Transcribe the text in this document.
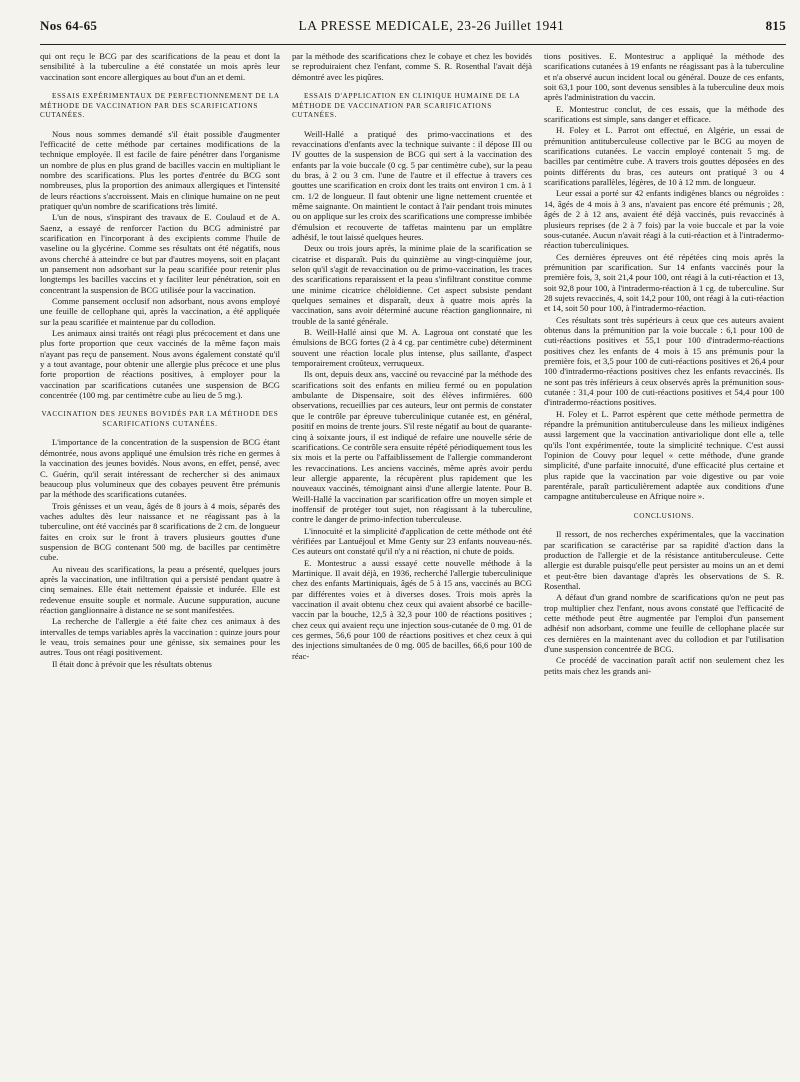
Nos 64-65	LA PRESSE MEDICALE, 23-26 Juillet 1941	815

qui ont reçu le BCG par des scarifications de la peau et dont la sensibilité à la tuberculine a été constatée un mois après leur vaccination sont encore allergiques au bout d'un an et demi.

ESSAIS EXPÉRIMENTAUX DE PERFECTIONNEMENT DE LA MÉTHODE DE VACCINATION PAR DES SCARIFICATIONS CUTANÉES.

Nous nous sommes demandé s'il était possible d'augmenter l'efficacité de cette méthode par certaines modifications de la technique employée. Il est facile de faire pénétrer dans l'organisme un nombre de plus en plus grand de bacilles vaccin en multipliant le nombre des scarifications. Plus les portes d'entrée du BCG sont nombreuses, plus la proportion des animaux allergiques et l'intensité de leurs réactions s'accroissent. Mais en clinique humaine on ne peut pratiquer qu'un nombre de scarifications très limité.

L'un de nous, s'inspirant des travaux de E. Coulaud et de A. Saenz, a essayé de renforcer l'action du BCG administré par scarification en l'incorporant à des excipients comme l'huile de vaseline ou la glycérine. Comme ses résultats ont été négatifs, nous avons cherché à atteindre ce but par d'autres moyens, soit en plaçant un pansement non adsorbant sur la peau scarifiée pour retenir plus longtemps les bacilles vaccins et y faciliter leur pénétration, soit en concentrant la suspension de BCG utilisée pour la vaccination.

Comme pansement occlusif non adsorbant, nous avons employé une feuille de cellophane qui, après la vaccination, a été appliquée sur la peau scarifiée et maintenue par du collodion.

Les animaux ainsi traités ont réagi plus précocement et dans une plus forte proportion que ceux vaccinés de la même façon mais n'ayant pas reçu de pansement. Nous avons également constaté qu'il y a tout avantage, pour obtenir une allergie plus précoce et une plus forte proportion de réactions positives, à employer pour la vaccination par scarifications cutanées une suspension de BCG concentrée (100 mg. par centimètre cube au lieu de 5 mg.).

VACCINATION DES JEUNES BOVIDÉS PAR LA MÉTHODE DES SCARIFICATIONS CUTANÉES.

L'importance de la concentration de la suspension de BCG étant démontrée, nous avons appliqué une émulsion très riche en germes à la vaccination des jeunes bovidés. Nous avons, en effet, pensé, avec C. Guérin, qu'il serait intéressant de rechercher si des animaux beaucoup plus volumineux que des cobayes peuvent être prémunis par la méthode des scarifications cutanées.

Trois génisses et un veau, âgés de 8 jours à 4 mois, séparés des vaches adultes dès leur naissance et ne réagissant pas à la tuberculine, ont été vaccinés par 8 scarifications de 2 cm. de longueur faites en croix sur le front à travers plusieurs gouttes d'une suspension de BCG contenant 500 mg. de bacilles par centimètre cube.

Au niveau des scarifications, la peau a présenté, quelques jours après la vaccination, une infiltration qui a persisté pendant quatre à cinq semaines. Elle était nettement épaissie et indurée. Elle est redevenue ensuite souple et normale. Aucune suppuration, aucune réaction ganglionnaire à distance ne se sont manifestées.

La recherche de l'allergie a été faite chez ces animaux à des intervalles de temps variables après la vaccination : quinze jours pour le veau, trois semaines pour une génisse, six semaines pour les autres. Tous ont réagi positivement.

Il était donc à prévoir que les résultats obtenus

par la méthode des scarifications chez le cobaye et chez les bovidés se reproduiraient chez l'enfant, comme S. R. Rosenthal l'avait déjà démontré avec les piqûres.

ESSAIS D'APPLICATION EN CLINIQUE HUMAINE DE LA MÉTHODE DE VACCINATION PAR SCARIFICATIONS CUTANÉES.

Weill-Hallé a pratiqué des primo-vaccinations et des revaccinations d'enfants avec la technique suivante : il dépose III ou IV gouttes de la suspension de BCG qui sert à la vaccination des enfants par la voie buccale (0 cg. 5 par centimètre cube), sur la peau du bras, à 2 ou 3 cm. l'une de l'autre et il effectue à travers ces gouttes une scarification en croix dont les traits ont environ 1 cm. à 1 cm. 1/2 de longueur. Il faut obtenir une ligne nettement cruentée et même saignante. On maintient le contact à l'air pendant trois minutes ou on applique sur les croix des scarifications une compresse imbibée d'émulsion et recouverte de taffetas maintenu par un emplâtre adhésif, le tout laissé quelques heures.

Deux ou trois jours après, la minime plaie de la scarification se cicatrise et disparaît. Puis du quinzième au vingt-cinquième jour, selon qu'il s'agit de revaccination ou de primo-vaccination, les traces des scarifications reparaissent et la peau s'infiltrant constitue comme une minime cicatrice chéloïdienne. Cet aspect subsiste pendant quelques semaines et disparaît, deux à quatre mois après la vaccination, sans avoir déterminé aucune réaction ganglionnaire, ni trouble de la santé générale.

B. Weill-Hallé ainsi que M. A. Lagroua ont constaté que les émulsions de BCG fortes (2 à 4 cg. par centimètre cube) déterminent souvent une réaction locale plus intense, plus saillante, d'aspect temporairement croûteux, verruqueux.

Ils ont, depuis deux ans, vacciné ou revacciné par la méthode des scarifications soit des enfants en milieu fermé ou en population ambulante de Dispensaire, soit des élèves infirmières. 600 observations, recueillies par ces auteurs, leur ont permis de constater que le contrôle par épreuve tuberculinique cutanée est, en général, positif en moins de trente jours. S'il reste négatif au bout de quarante-cinq à soixante jours, il est indiqué de refaire une nouvelle série de scarifications. Ce contrôle sera ensuite répété périodiquement tous les six mois et la perte ou l'affaiblissement de l'allergie commanderont les revaccinations. Les anciens vaccinés, même après avoir perdu leur allergie apparente, la récupèrent plus rapidement que les nouveaux vaccinés, témoignant ainsi d'une allergie latente. Pour B. Weill-Hallé la vaccination par scarification offre un moyen simple et inoffensif de protéger tout sujet, non réagissant à la tuberculine, contre le danger de primo-infection tuberculeuse.

L'innocuité et la simplicité d'application de cette méthode ont été vérifiées par Lantuéjoul et Mme Genty sur 23 enfants nouveau-nés. Ces auteurs ont constaté qu'il n'y a ni réaction, ni chute de poids.

E. Montestruc a aussi essayé cette nouvelle méthode à la Martinique. Il avait déjà, en 1936, recherché l'allergie tuberculinique chez des enfants Martiniquais, âgés de 5 à 15 ans, vaccinés au BCG par différentes voies et à diverses doses. Trois mois après la vaccination il avait obtenu chez ceux qui avaient absorbé ce bacille-vaccin par la bouche, 12,5 à 32,3 pour 100 de réactions positives ; chez ceux qui avaient reçu une injection sous-cutanée de 0 mg. 01 de ces germes, 56,6 pour 100 de réactions positives et chez ceux à qui des injections simultanées de 0 mg. 005 de bacilles, 66,6 pour 100 de réac-

tions positives. E. Montestruc a appliqué la méthode des scarifications cutanées à 19 enfants ne réagissant pas à la tuberculine et n'a observé aucun incident local ou général. Douze de ces enfants, soit 63,1 pour 100, sont devenus sensibles à la tuberculine deux mois après l'administration du vaccin.

E. Montestruc conclut, de ces essais, que la méthode des scarifications est simple, sans danger et efficace.

H. Foley et L. Parrot ont effectué, en Algérie, un essai de prémunition antituberculeuse collective par le BCG au moyen de scarifications cutanées. Le vaccin employé contenait 5 mg. de bacilles par centimètre cube. A travers trois gouttes déposées en des points différents du bras, ces auteurs ont pratiqué 3 ou 4 scarifications parallèles, légères, de 10 à 12 mm. de longueur.

Leur essai a porté sur 42 enfants indigènes blancs ou négroïdes : 14, âgés de 4 mois à 3 ans, n'avaient pas encore été prémunis ; 28, âgés de 2 à 12 ans, avaient été déjà vaccinés, puis revaccinés à plusieurs reprises (de 2 à 7 fois) par la voie buccale et par la voie sous-cutanée. Aucun n'avait réagi à la cuti-réaction et à l'intradermo-réaction tuberculiniques.

Ces dernières épreuves ont été répétées cinq mois après la prémunition par scarification. Sur 14 enfants vaccinés pour la première fois, 3, soit 21,4 pour 100, ont réagi à la cuti-réaction et 13, soit 92,8 pour 100, à l'intradermo-réaction à 1 cg. de tuberculine. Sur 28 sujets revaccinés, 4, soit 14,2 pour 100, ont réagi à la cuti-réaction et 14, soit 50 pour 100, à l'intradermo-réaction.

Ces résultats sont très supérieurs à ceux que ces auteurs avaient obtenus dans la prémunition par la voie buccale : 6,1 pour 100 de cuti-réactions positives et 55,1 pour 100 d'intradermo-réactions positives chez les enfants de 4 mois à 15 ans prémunis pour la première fois, et 3,5 pour 100 de cuti-réactions positives et 26,4 pour 100 d'intradermo-réactions positives chez les enfants revaccinés. Ils ne sont pas très inférieurs à ceux observés après la prémunition sous-cutanée : 31,4 pour 100 de cuti-réactions positives et 54,4 pour 100 d'intradermo-réactions positives.

H. Foley et L. Parrot espèrent que cette méthode permettra de répandre la prémunition antituberculeuse dans les milieux indigènes aussi largement que la vaccination antivariolique dont elle a, telle qu'ils l'ont expérimentée, toute la simplicité technique. C'est aussi l'opinion de Couvy pour lequel « cette méthode, d'une grande simplicité, d'une parfaite innocuité, d'une efficacité plus certaine et plus rapide que la vaccination par voie digestive ou par voie parentérale, paraît particulièrement adaptée aux conditions d'une campagne antituberculeuse en Afrique noire ».

CONCLUSIONS.

Il ressort, de nos recherches expérimentales, que la vaccination par scarification se caractérise par sa rapidité d'action dans la production de l'allergie et de la résistance antituberculeuse. Cette allergie est durable puisqu'elle peut persister au moins un an et demi et peut-être bien davantage d'après les observations de S. R. Rosenthal.

A défaut d'un grand nombre de scarifications qu'on ne peut pas trop multiplier chez l'enfant, nous avons constaté que l'efficacité de cette méthode peut être augmentée par l'emploi d'un pansement adhésif non adsorbant, comme une feuille de cellophane placée sur ces dernières en la maintenant avec du collodion et par l'utilisation d'une suspension concentrée de BCG.

Ce procédé de vaccination paraît actif non seulement chez les petits mais chez les grands ani-
